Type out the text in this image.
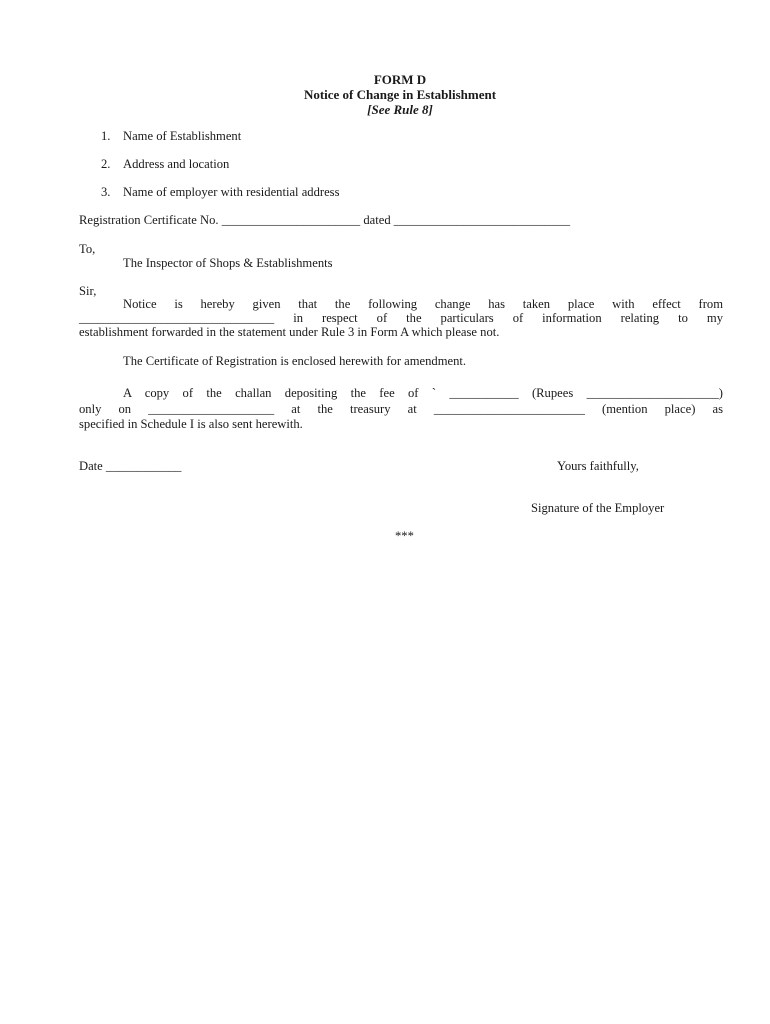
FORM D
Notice of Change in Establishment
[See Rule 8]
1. Name of Establishment
2. Address and location
3. Name of employer with residential address
Registration Certificate No. ______________________ dated ____________________________
To,
The Inspector of Shops & Establishments
Sir,
Notice is hereby given that the following change has taken place with effect from
_______________________________ in respect of the particulars of information relating to my
establishment forwarded in the statement under Rule 3 in Form A which please not.
The Certificate of Registration is enclosed herewith for amendment.
A copy of the challan depositing the fee of ` ___________ (Rupees _____________________)
only on ____________________ at the treasury at ________________________ (mention place) as
specified in Schedule I is also sent herewith.
Date ____________	Yours faithfully,
Signature of the Employer
***
